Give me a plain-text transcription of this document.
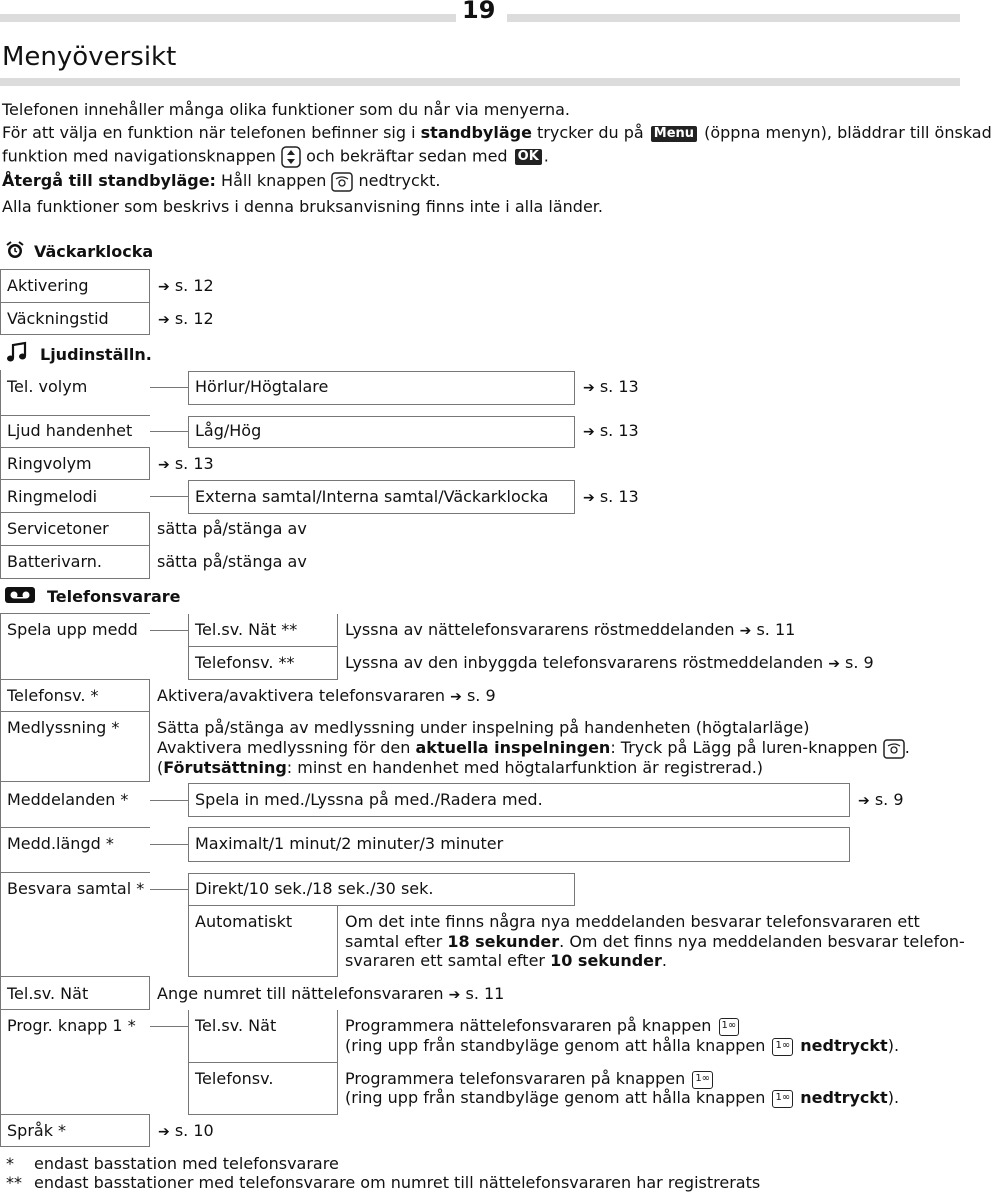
19
Menyöversikt
Telefonen innehåller många olika funktioner som du når via menyerna.
För att välja en funktion när telefonen befinner sig i standbyläge trycker du på Menu (öppna menyn), bläddrar till önskad
funktion med navigationsknappen  och bekräftar sedan med OK .
Återgå till standbyläge: Håll knappen  nedtryckt.
Alla funktioner som beskrivs i denna bruksanvisning finns inte i alla länder.
Väckarklocka
Aktivering	➔ s. 12
Väckningstid	➔ s. 12
Ljudinställn.
Tel. volym	Hörlur/Högtalare	➔ s. 13
Ljud handenhet	Låg/Hög	➔ s. 13
Ringvolym	➔ s. 13
Ringmelodi	Externa samtal/Interna samtal/Väckarklocka ➔ s. 13
Servicetoner	sätta på/stänga av
Batterivarn.	sätta på/stänga av
Telefonsvarare
Spela upp medd	Tel.sv. Nät **	Lyssna av nättelefonsvararens röstmeddelanden ➔ s. 11
Telefonsv. **	Lyssna av den inbyggda telefonsvararens röstmeddelanden ➔ s. 9
Telefonsv. *	Aktivera/avaktivera telefonsvararen ➔ s. 9
Medlyssning * Sätta på/stänga av medlyssning under inspelning på handenheten (högtalarläge)
Avaktivera medlyssning för den aktuella inspelningen: Tryck på Lägg på luren-knappen .
(Förutsättning: minst en handenhet med högtalarfunktion är registrerad.)
Meddelanden *	Spela in med./Lyssna på med./Radera med.	➔ s. 9
Medd.längd *	Maximalt/1 minut/2 minuter/3 minuter
Besvara samtal *	Direkt/10 sek./18 sek./30 sek.
Automatiskt	Om det inte finns några nya meddelanden besvarar telefonsvararen ett
samtal efter 18 sekunder. Om det finns nya meddelanden besvarar telefon-
svararen ett samtal efter 10 sekunder.
Tel.sv. Nät	Ange numret till nättelefonsvararen ➔ s. 11
Progr. knapp 1 *	Tel.sv. Nät	Programmera nättelefonsvararen på knappen 1∞
(ring upp från standbyläge genom att hålla knappen 1∞ nedtryckt).
Telefonsv.	Programmera telefonsvararen på knappen 1∞
(ring upp från standbyläge genom att hålla knappen 1∞ nedtryckt).
Språk *	➔ s. 10
* endast basstation med telefonsvarare
** endast basstationer med telefonsvarare om numret till nättelefonsvararen har registrerats
